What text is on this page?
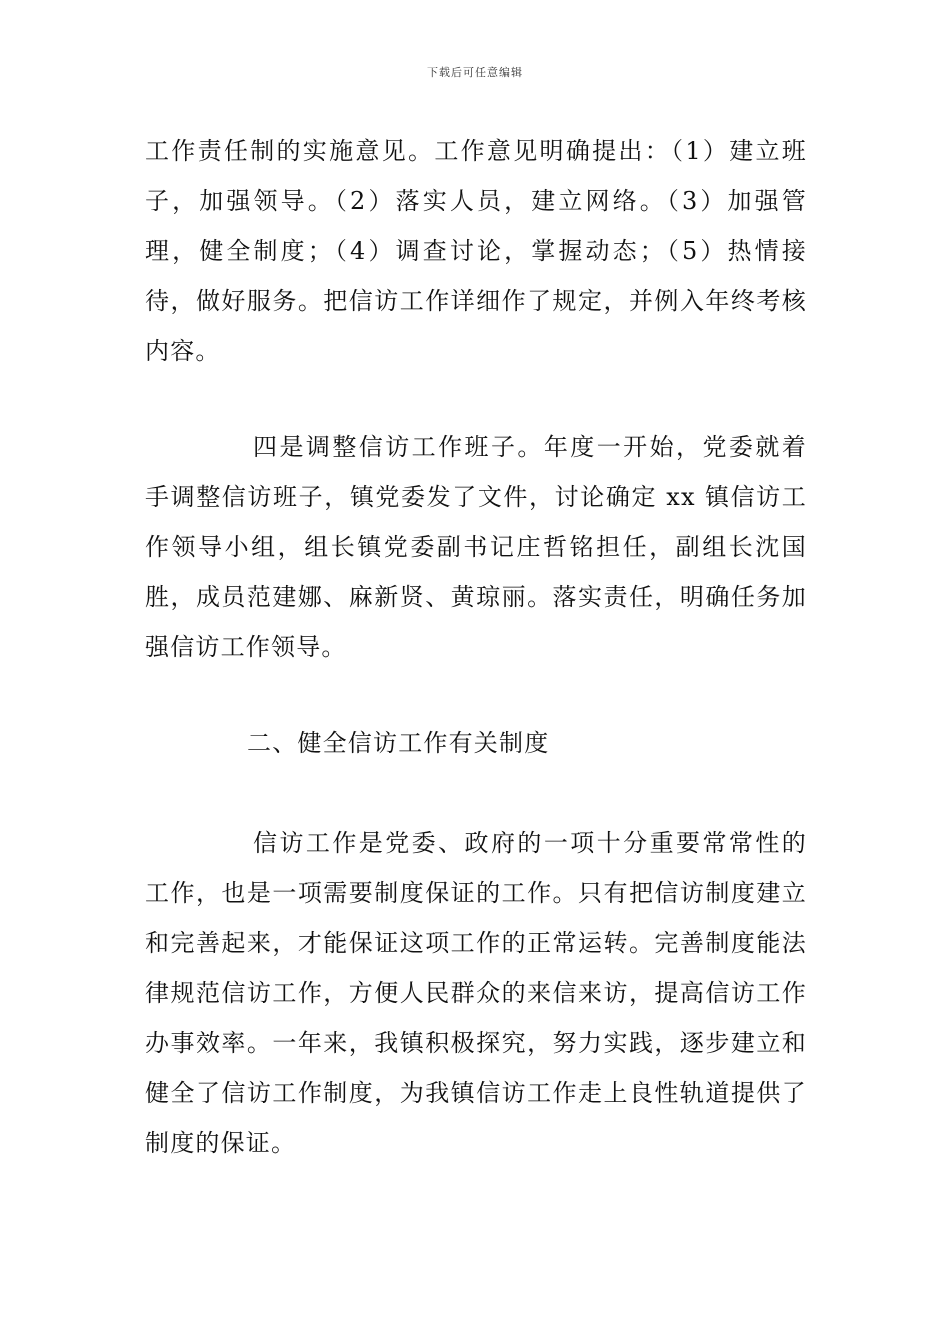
下载后可任意编辑

工作责任制的实施意见。工作意见明确提出：（1）建立班子，加强领导。（2）落实人员，建立网络。（3）加强管理，健全制度；（4）调查讨论，掌握动态；（5）热情接待，做好服务。把信访工作详细作了规定，并例入年终考核内容。

四是调整信访工作班子。年度一开始，党委就着手调整信访班子，镇党委发了文件，讨论确定 xx 镇信访工作领导小组，组长镇党委副书记庄哲铭担任，副组长沈国胜，成员范建娜、麻新贤、黄琼丽。落实责任，明确任务加强信访工作领导。

二、健全信访工作有关制度

信访工作是党委、政府的一项十分重要常常性的工作，也是一项需要制度保证的工作。只有把信访制度建立和完善起来，才能保证这项工作的正常运转。完善制度能法律规范信访工作，方便人民群众的来信来访，提高信访工作办事效率。一年来，我镇积极探究，努力实践，逐步建立和健全了信访工作制度，为我镇信访工作走上良性轨道提供了制度的保证。
